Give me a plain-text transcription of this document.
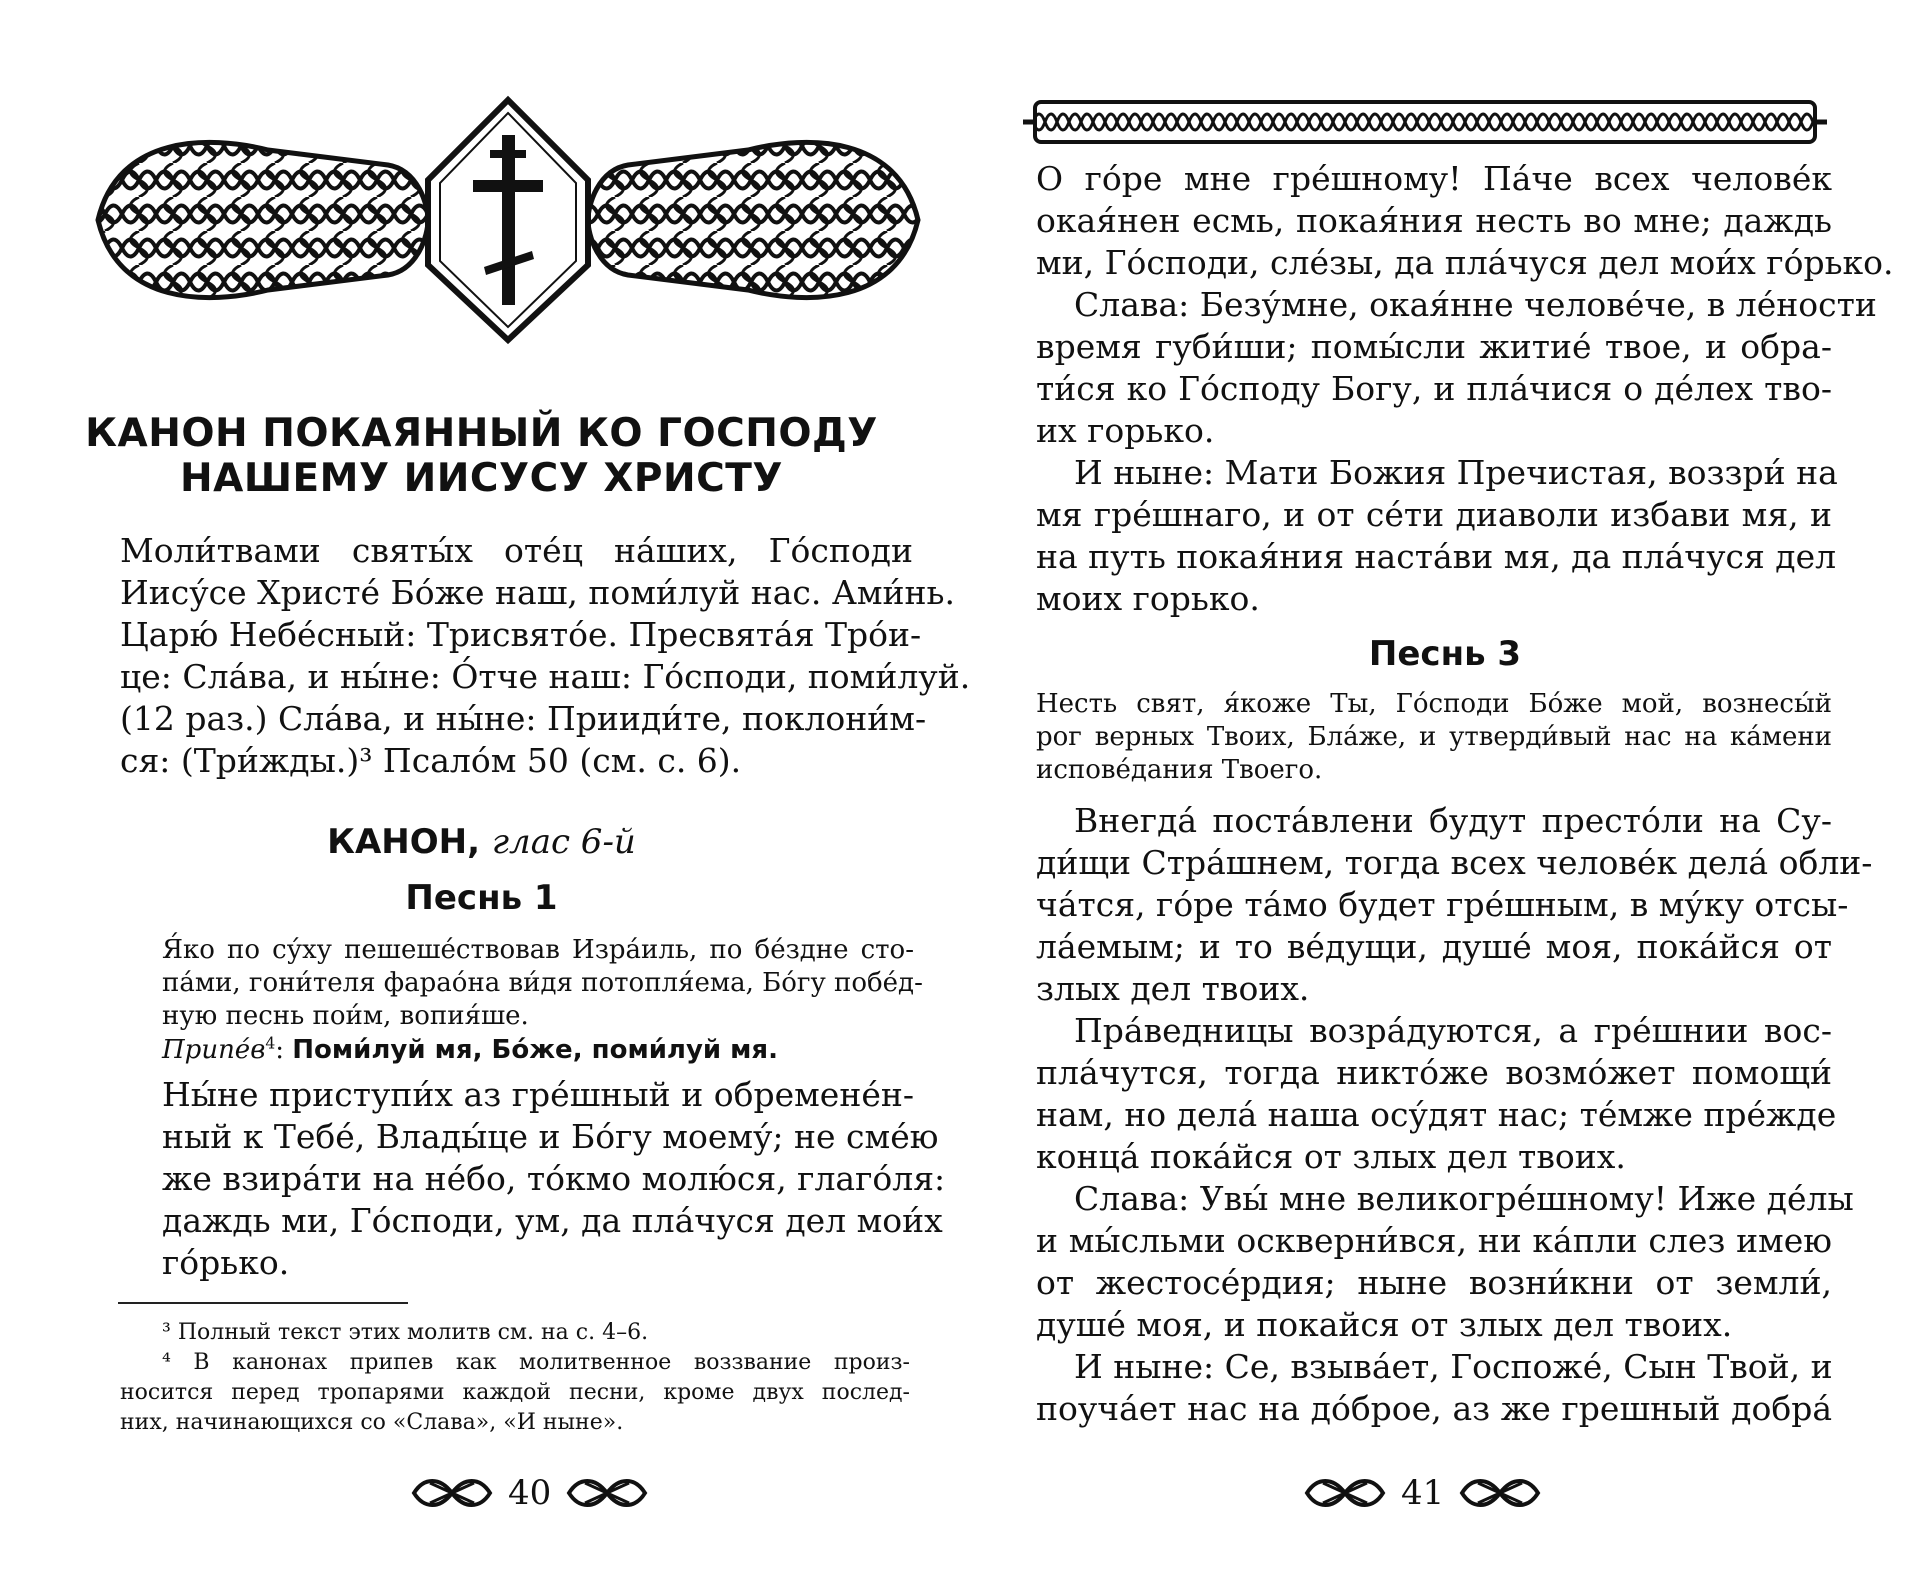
КАНОН ПОКАЯННЫЙ КО ГОСПОДУ
НАШЕМУ ИИСУСУ ХРИСТУ
Моли́твами святы́х оте́ц на́ших, Го́споди
Иису́се Христе́ Бо́же наш, поми́луй нас. Ами́нь.
Царю́ Небе́сный: Трисвято́е. Пресвята́я Тро́и-
це: Сла́ва, и ны́не: О́тче наш: Го́споди, поми́луй.
(12 раз.) Сла́ва, и ны́не: Прииди́те, поклони́м-
ся: (Три́жды.)³ Псало́м 50 (см. с. 6).
КАНОН, глас 6-й
Песнь 1
Я́ко по су́ху пешеше́ствовав Изра́иль, по бе́здне сто-
па́ми, гони́теля фарао́на ви́дя потопля́ема, Бо́гу побе́д-
ную песнь пои́м, вопия́ше.
$Припе́в^4$: Поми́луй мя, Бо́же, поми́луй мя.
Ны́не приступи́х аз гре́шный и обремене́н-
ный к Тебе́, Влады́це и Бо́гу моему́; не сме́ю
же взира́ти на не́бо, то́кмо молю́ся, глаго́ля:
даждь ми, Го́споди, ум, да пла́чуся дел мои́х
го́рько.
³ Полный текст этих молитв см. на с. 4–6.
⁴ В канонах припев как молитвенное воззвание произ-
носится перед тропарями каждой песни, кроме двух послед-
них, начинающихся со «Слава», «И ныне».
40
О го́ре мне гре́шному! Па́че всех челове́к
окая́нен есмь, покая́ния несть во мне; даждь
ми, Го́споди, сле́зы, да пла́чуся дел мои́х го́рько.
Слава: Безу́мне, окая́нне челове́че, в ле́ности
время губи́ши; помы́сли житие́ твое, и обра-
ти́ся ко Го́споду Богу, и пла́чися о де́лех тво-
их горько.
И ныне: Мати Божия Пречистая, воззри́ на
мя гре́шнаго, и от се́ти диаволи избави мя, и
на путь покая́ния наста́ви мя, да пла́чуся дел
моих горько.
Песнь 3
Несть свят, я́коже Ты, Го́споди Бо́же мой, вознесы́й
рог верных Твоих, Бла́же, и утверди́вый нас на ка́мени
испове́дания Твоего.
Внегда́ поста́влени будут престо́ли на Су-
ди́щи Стра́шнем, тогда всех челове́к дела́ обли-
ча́тся, го́ре та́мо будет гре́шным, в му́ку отсы-
ла́емым; и то ве́дущи, душе́ моя, пока́йся от
злых дел твоих.
Пра́ведницы возра́дуются, а гре́шнии вос-
пла́чутся, тогда никто́же возмо́жет помощи́
нам, но дела́ наша осу́дят нас; те́мже пре́жде
конца́ пока́йся от злых дел твоих.
Слава: Увы́ мне великогре́шному! Иже де́лы
и мы́сльми оскверни́вся, ни ка́пли слез имею
от жестосе́рдия; ныне возни́кни от земли́,
душе́ моя, и покайся от злых дел твоих.
И ныне: Се, взыва́ет, Госпоже́, Сын Твой, и
поуча́ет нас на до́брое, аз же грешный добра́
41
